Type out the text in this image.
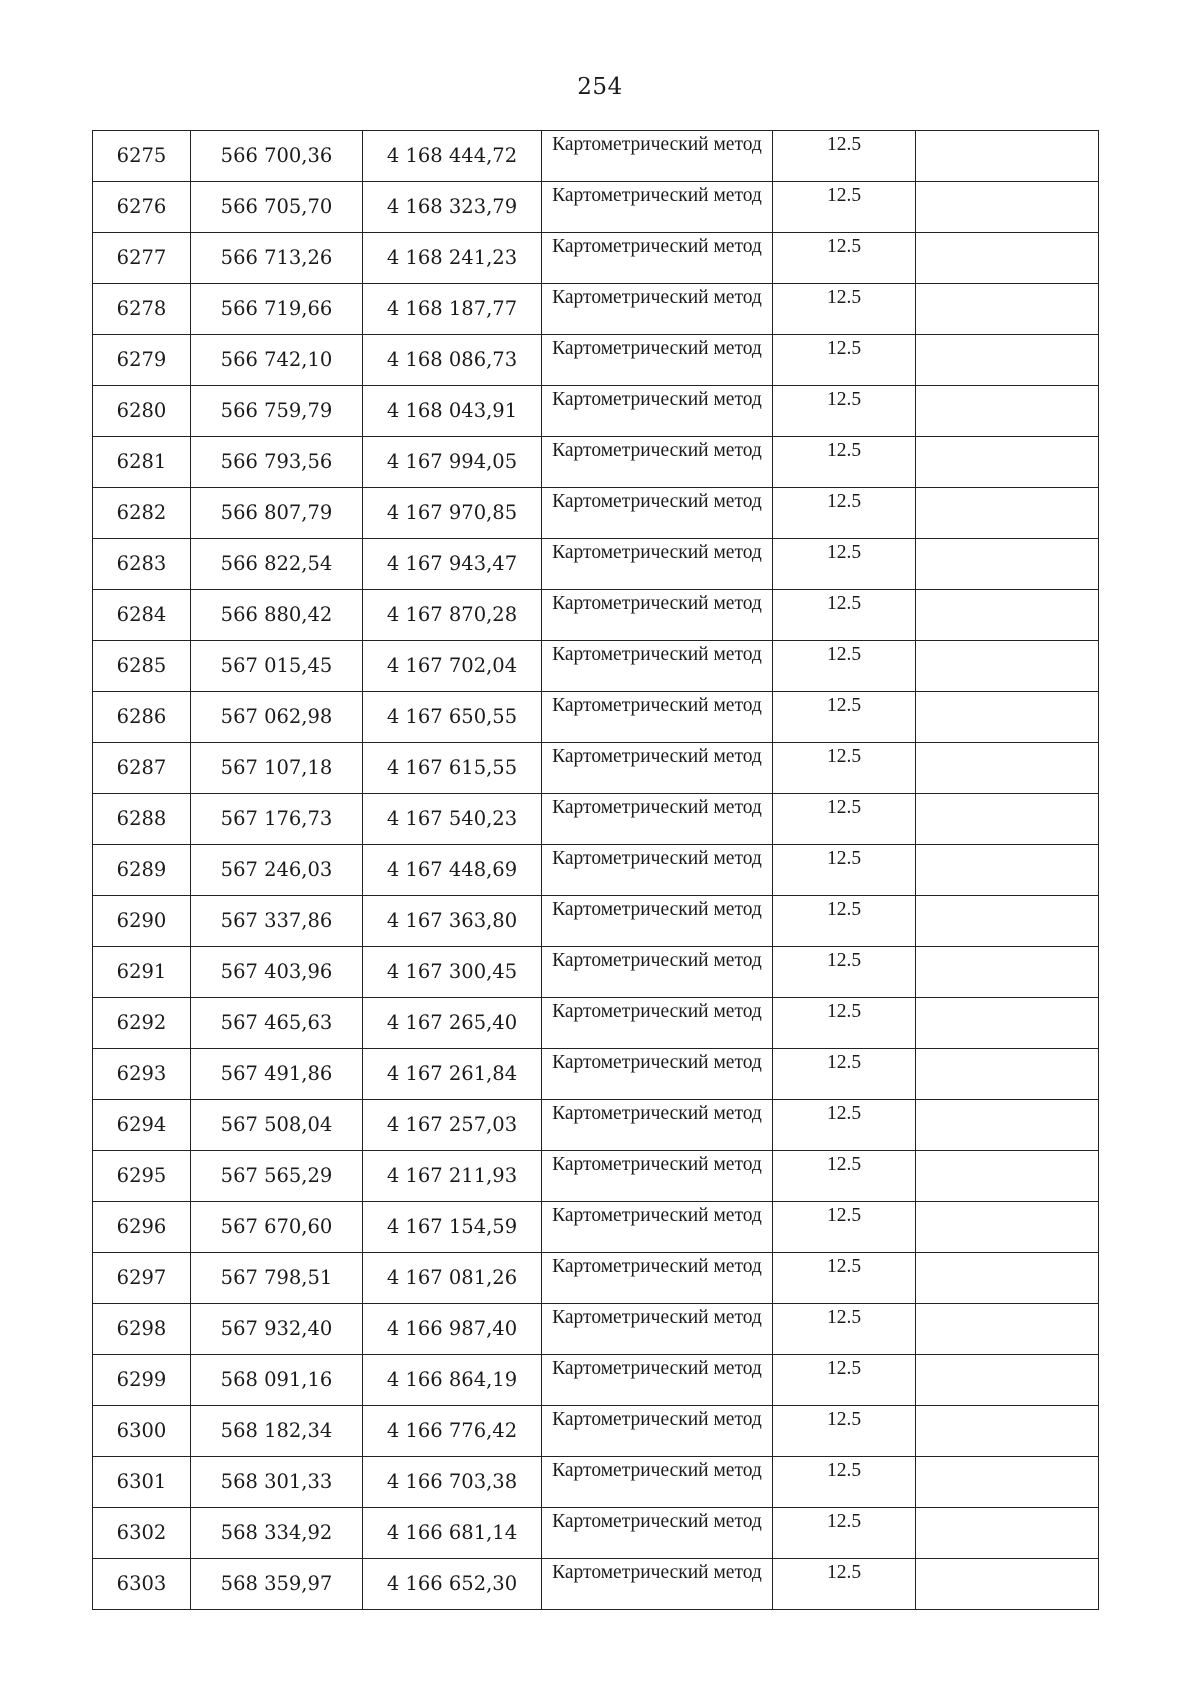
254
6275	566 700,36	4 168 444,72	Картометрический метод	12.5	

6276	566 705,70	4 168 323,79	Картометрический метод	12.5	

6277	566 713,26	4 168 241,23	Картометрический метод	12.5	

6278	566 719,66	4 168 187,77	Картометрический метод	12.5	

6279	566 742,10	4 168 086,73	Картометрический метод	12.5	

6280	566 759,79	4 168 043,91	Картометрический метод	12.5	

6281	566 793,56	4 167 994,05	Картометрический метод	12.5	

6282	566 807,79	4 167 970,85	Картометрический метод	12.5	

6283	566 822,54	4 167 943,47	Картометрический метод	12.5	

6284	566 880,42	4 167 870,28	Картометрический метод	12.5	

6285	567 015,45	4 167 702,04	Картометрический метод	12.5	

6286	567 062,98	4 167 650,55	Картометрический метод	12.5	

6287	567 107,18	4 167 615,55	Картометрический метод	12.5	

6288	567 176,73	4 167 540,23	Картометрический метод	12.5	

6289	567 246,03	4 167 448,69	Картометрический метод	12.5	

6290	567 337,86	4 167 363,80	Картометрический метод	12.5	

6291	567 403,96	4 167 300,45	Картометрический метод	12.5	

6292	567 465,63	4 167 265,40	Картометрический метод	12.5	

6293	567 491,86	4 167 261,84	Картометрический метод	12.5	

6294	567 508,04	4 167 257,03	Картометрический метод	12.5	

6295	567 565,29	4 167 211,93	Картометрический метод	12.5	

6296	567 670,60	4 167 154,59	Картометрический метод	12.5	

6297	567 798,51	4 167 081,26	Картометрический метод	12.5	

6298	567 932,40	4 166 987,40	Картометрический метод	12.5	

6299	568 091,16	4 166 864,19	Картометрический метод	12.5	

6300	568 182,34	4 166 776,42	Картометрический метод	12.5	

6301	568 301,33	4 166 703,38	Картометрический метод	12.5	

6302	568 334,92	4 166 681,14	Картометрический метод	12.5	

6303	568 359,97	4 166 652,30	Картометрический метод	12.5	
